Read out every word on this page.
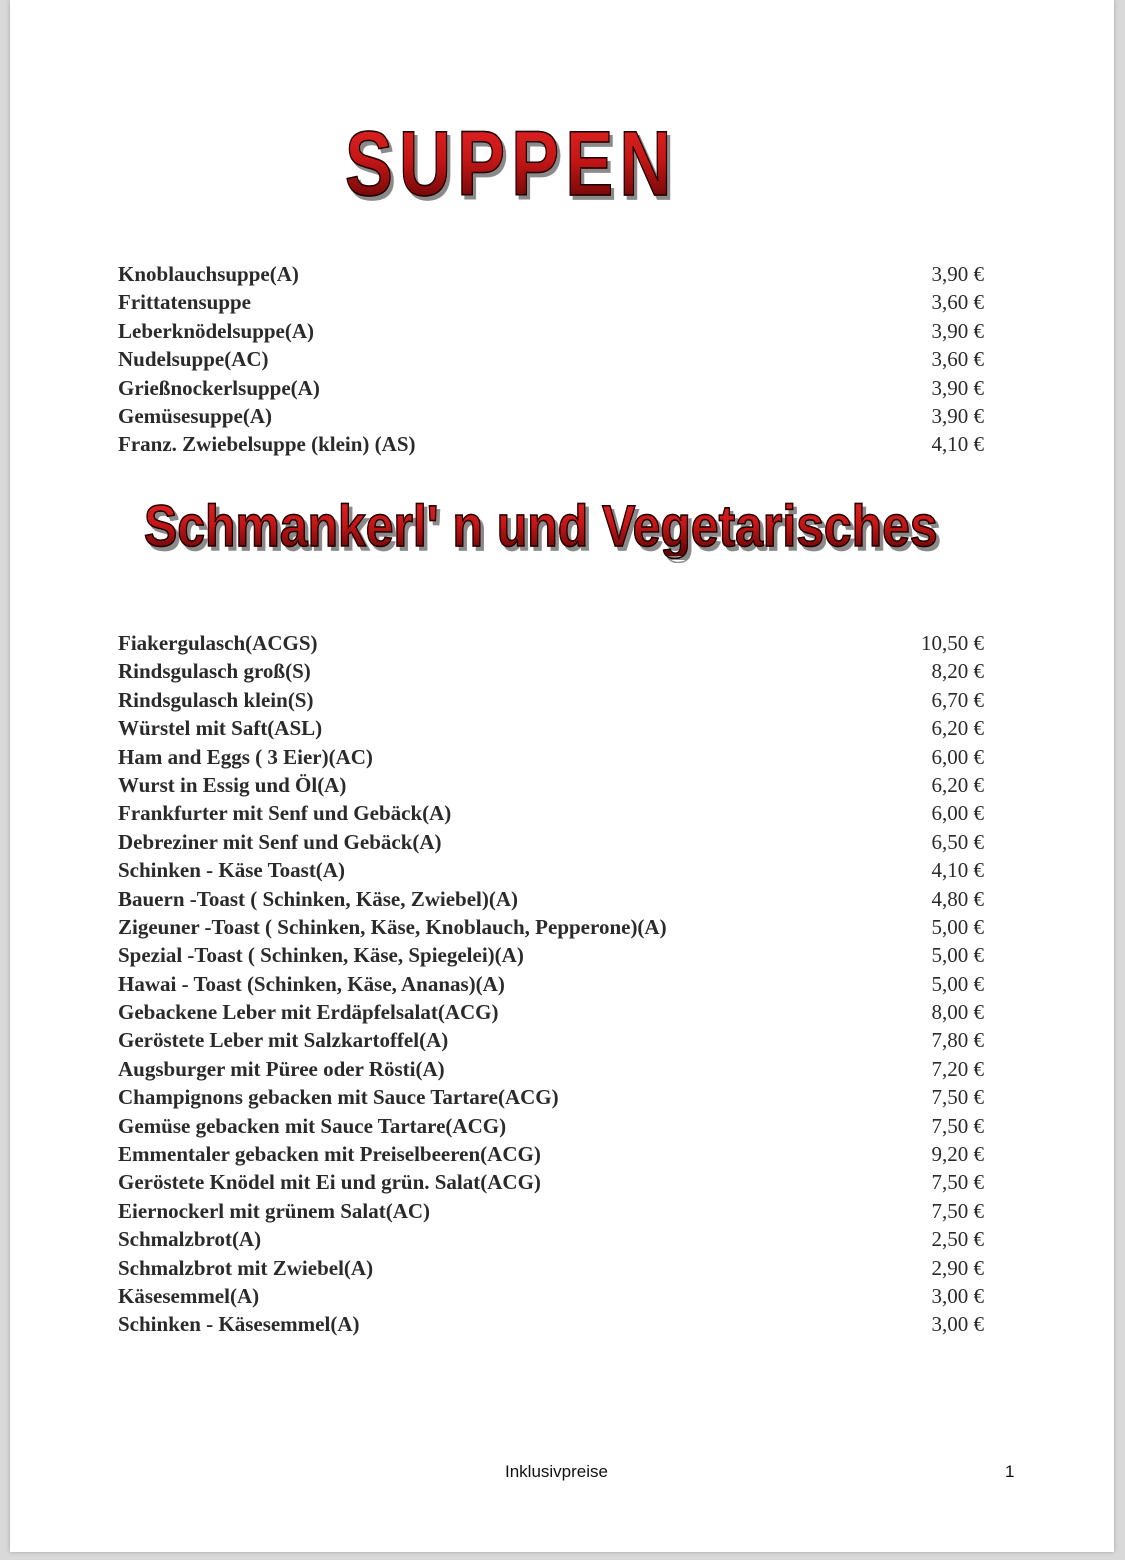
SUPPEN
Knoblauchsuppe(A)	3,90 €
Frittatensuppe	3,60 €
Leberknödelsuppe(A)	3,90 €
Nudelsuppe(AC)	3,60 €
Grießnockerlsuppe(A)	3,90 €
Gemüsesuppe(A)	3,90 €
Franz. Zwiebelsuppe (klein) (AS)	4,10 €
Schmankerl' n und Vegetarisches
Fiakergulasch(ACGS)	10,50 €
Rindsgulasch groß(S)	8,20 €
Rindsgulasch klein(S)	6,70 €
Würstel mit Saft(ASL)	6,20 €
Ham and Eggs ( 3 Eier)(AC)	6,00 €
Wurst in Essig und Öl(A)	6,20 €
Frankfurter mit Senf und Gebäck(A)	6,00 €
Debreziner mit Senf und Gebäck(A)	6,50 €
Schinken - Käse Toast(A)	4,10 €
Bauern -Toast ( Schinken, Käse, Zwiebel)(A)	4,80 €
Zigeuner -Toast ( Schinken, Käse, Knoblauch, Pepperone)(A)	5,00 €
Spezial -Toast ( Schinken, Käse, Spiegelei)(A)	5,00 €
Hawai - Toast (Schinken, Käse, Ananas)(A)	5,00 €
Gebackene Leber mit Erdäpfelsalat(ACG)	8,00 €
Geröstete Leber mit Salzkartoffel(A)	7,80 €
Augsburger mit Püree oder Rösti(A)	7,20 €
Champignons gebacken mit Sauce Tartare(ACG)	7,50 €
Gemüse gebacken mit Sauce Tartare(ACG)	7,50 €
Emmentaler gebacken mit Preiselbeeren(ACG)	9,20 €
Geröstete Knödel mit Ei und grün. Salat(ACG)	7,50 €
Eiernockerl mit grünem Salat(AC)	7,50 €
Schmalzbrot(A)	2,50 €
Schmalzbrot mit Zwiebel(A)	2,90 €
Käsesemmel(A)	3,00 €
Schinken - Käsesemmel(A)	3,00 €
Inklusivpreise	1
